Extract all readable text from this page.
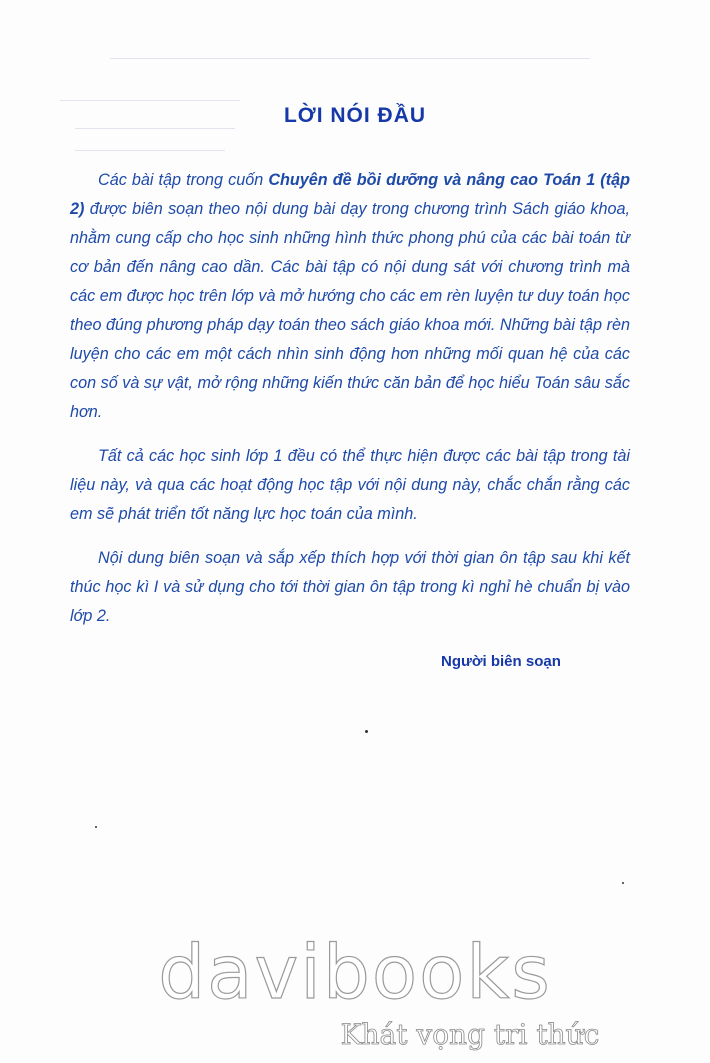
LỜI NÓI ĐẦU

Các bài tập trong cuốn Chuyên đề bồi dưỡng và nâng cao Toán 1 (tập 2) được biên soạn theo nội dung bài dạy trong chương trình Sách giáo khoa, nhằm cung cấp cho học sinh những hình thức phong phú của các bài toán từ cơ bản đến nâng cao dần. Các bài tập có nội dung sát với chương trình mà các em được học trên lớp và mở hướng cho các em rèn luyện tư duy toán học theo đúng phương pháp dạy toán theo sách giáo khoa mới. Những bài tập rèn luyện cho các em một cách nhìn sinh động hơn những mối quan hệ của các con số và sự vật, mở rộng những kiến thức căn bản để học hiểu Toán sâu sắc hơn.

Tất cả các học sinh lớp 1 đều có thể thực hiện được các bài tập trong tài liệu này, và qua các hoạt động học tập với nội dung này, chắc chắn rằng các em sẽ phát triển tốt năng lực học toán của mình.

Nội dung biên soạn và sắp xếp thích hợp với thời gian ôn tập sau khi kết thúc học kì I và sử dụng cho tới thời gian ôn tập trong kì nghỉ hè chuẩn bị vào lớp 2.

Người biên soạn
davibooks
Khát vọng tri thức
